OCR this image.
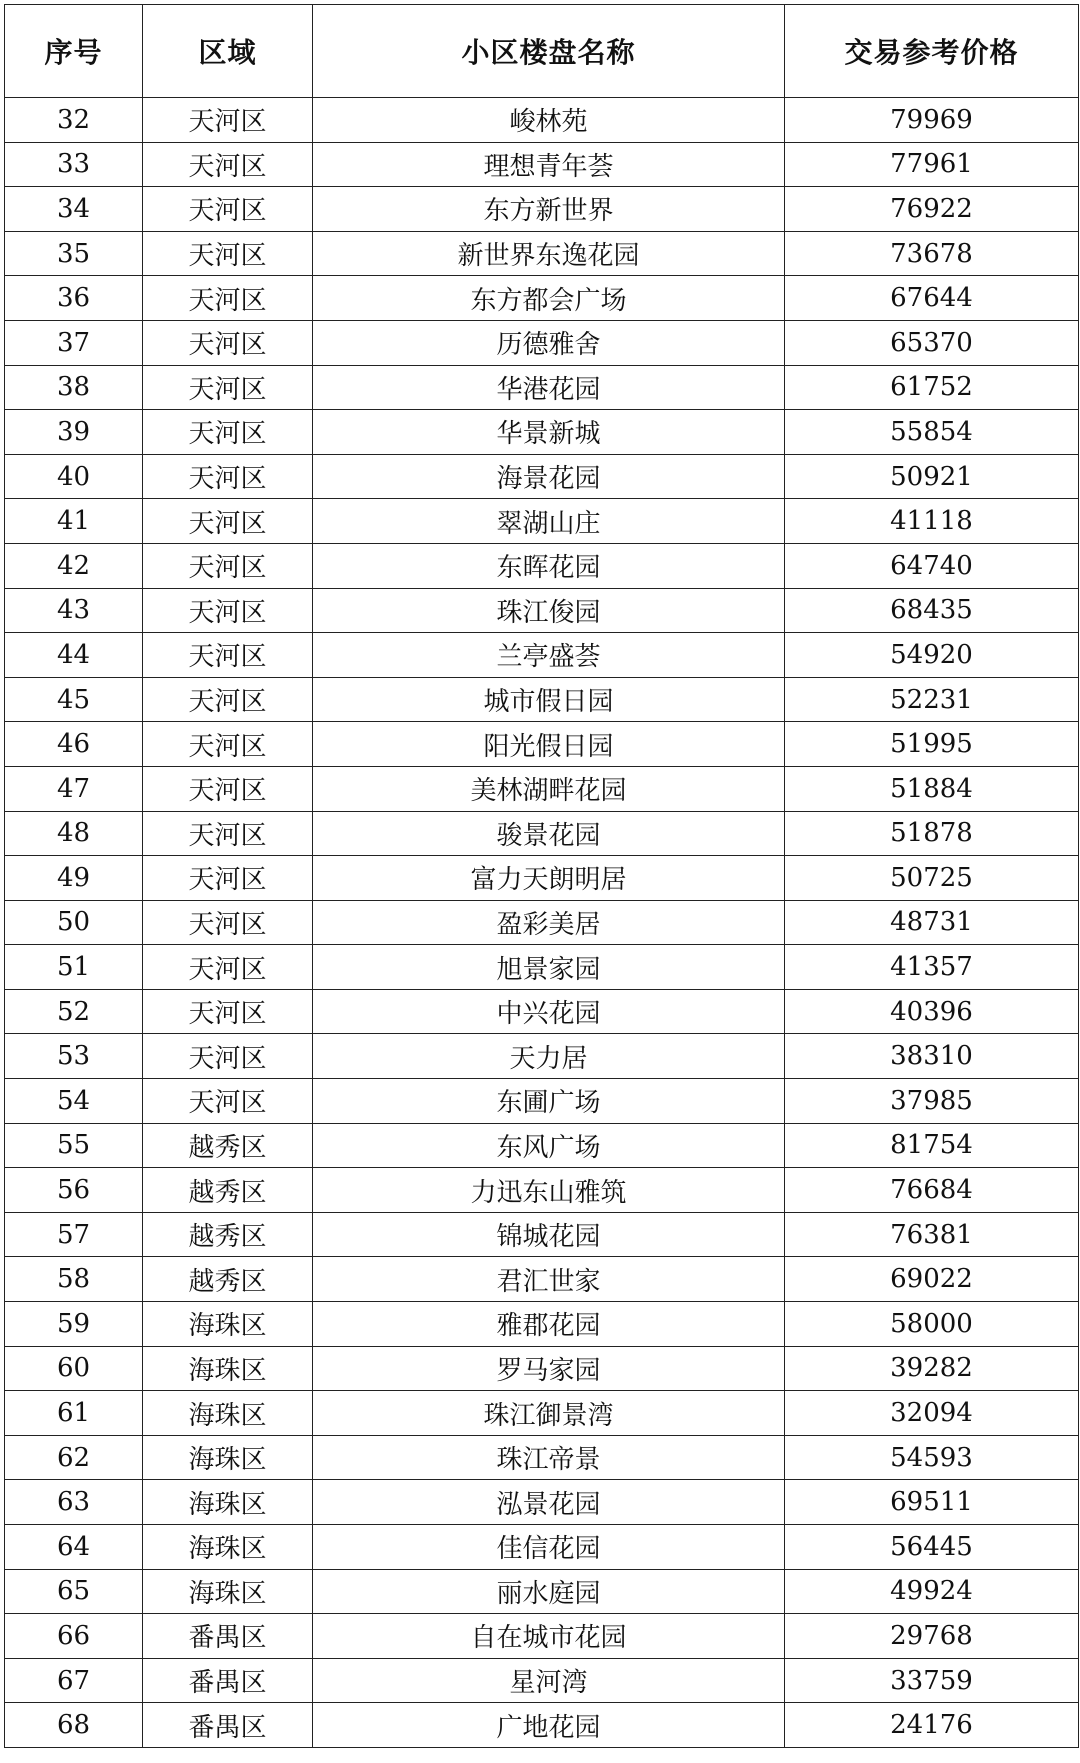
序号	区域	小区楼盘名称	交易参考价格
32	天河区	峻林苑	79969
33	天河区	理想青年荟	77961
34	天河区	东方新世界	76922
35	天河区	新世界东逸花园	73678
36	天河区	东方都会广场	67644
37	天河区	历德雅舍	65370
38	天河区	华港花园	61752
39	天河区	华景新城	55854
40	天河区	海景花园	50921
41	天河区	翠湖山庄	41118
42	天河区	东晖花园	64740
43	天河区	珠江俊园	68435
44	天河区	兰亭盛荟	54920
45	天河区	城市假日园	52231
46	天河区	阳光假日园	51995
47	天河区	美林湖畔花园	51884
48	天河区	骏景花园	51878
49	天河区	富力天朗明居	50725
50	天河区	盈彩美居	48731
51	天河区	旭景家园	41357
52	天河区	中兴花园	40396
53	天河区	天力居	38310
54	天河区	东圃广场	37985
55	越秀区	东风广场	81754
56	越秀区	力迅东山雅筑	76684
57	越秀区	锦城花园	76381
58	越秀区	君汇世家	69022
59	海珠区	雅郡花园	58000
60	海珠区	罗马家园	39282
61	海珠区	珠江御景湾	32094
62	海珠区	珠江帝景	54593
63	海珠区	泓景花园	69511
64	海珠区	佳信花园	56445
65	海珠区	丽水庭园	49924
66	番禺区	自在城市花园	29768
67	番禺区	星河湾	33759
68	番禺区	广地花园	24176
